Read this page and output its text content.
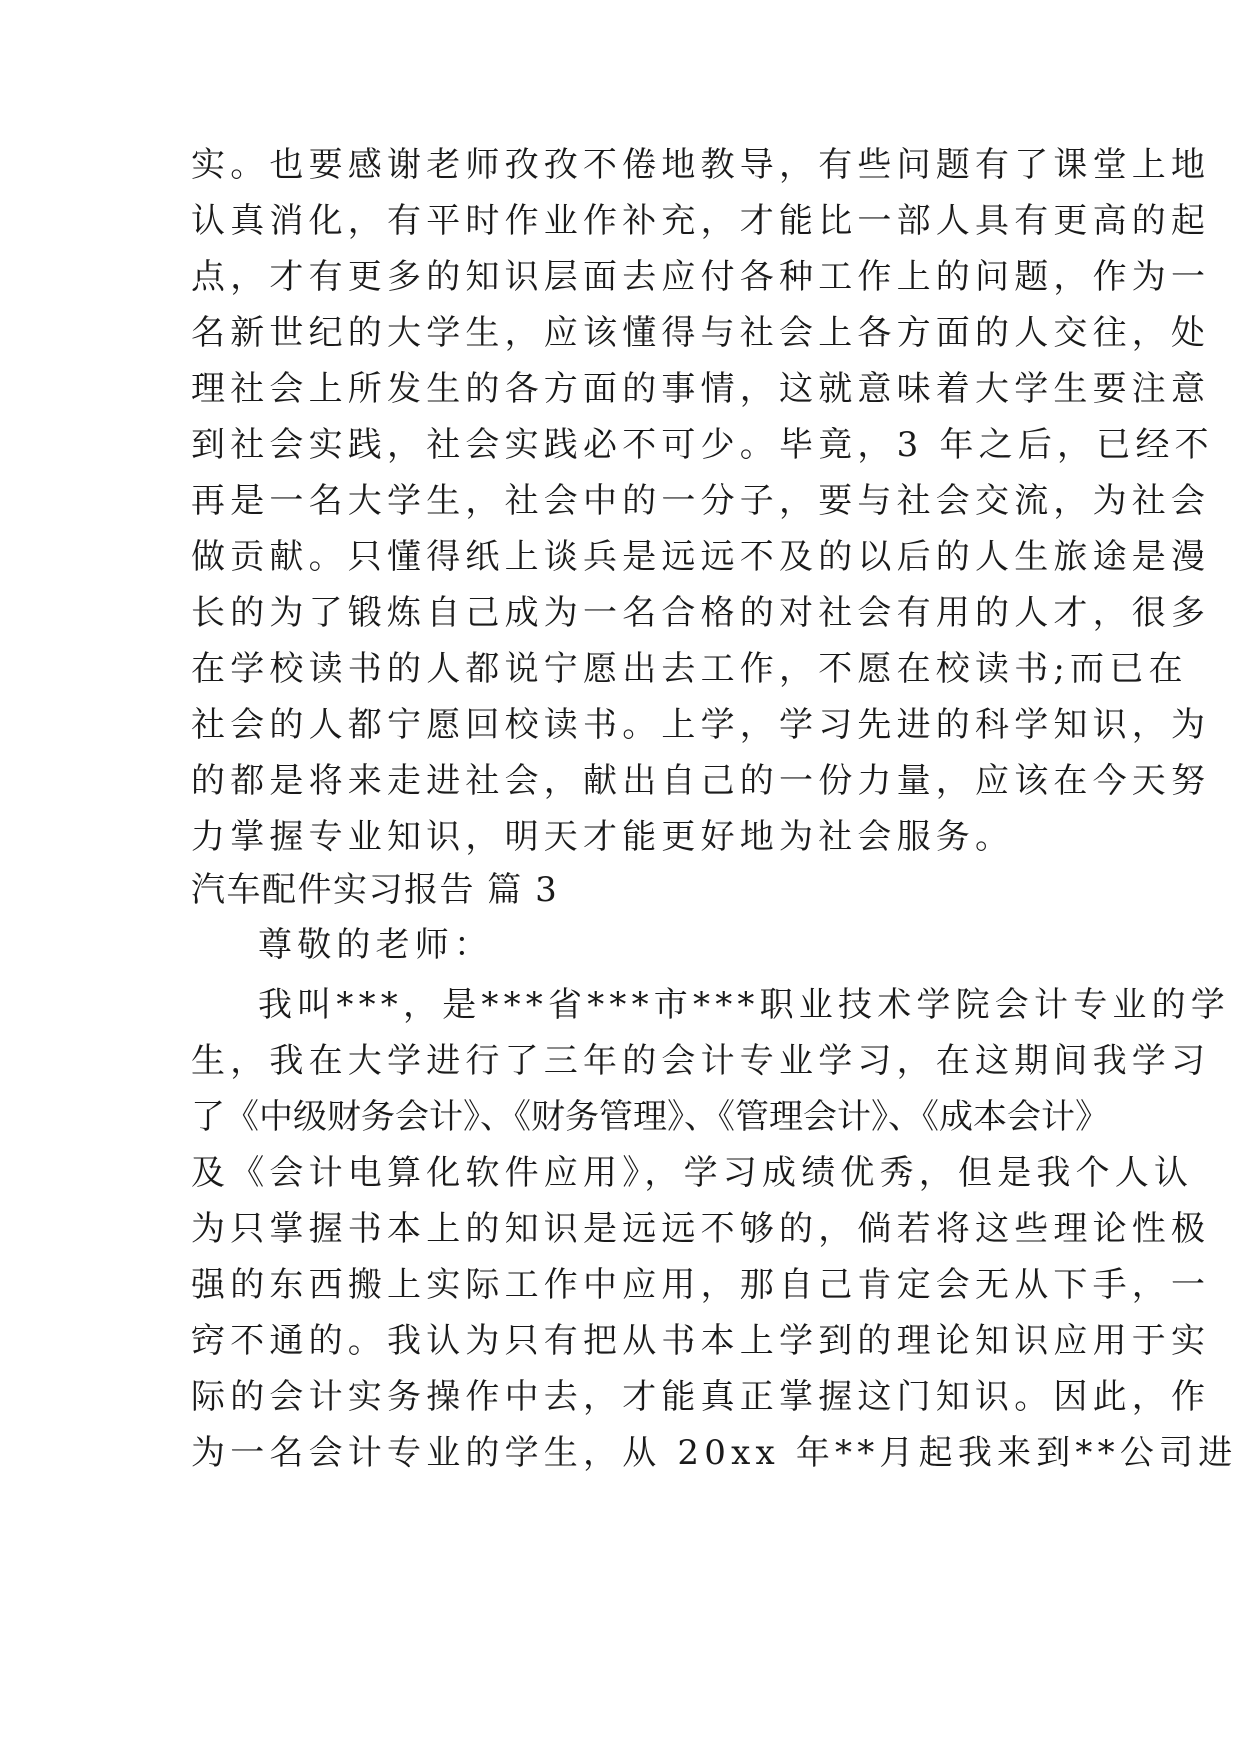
实。也要感谢老师孜孜不倦地教导，有些问题有了课堂上地
认真消化，有平时作业作补充，才能比一部人具有更高的起
点，才有更多的知识层面去应付各种工作上的问题，作为一
名新世纪的大学生，应该懂得与社会上各方面的人交往，处
理社会上所发生的各方面的事情，这就意味着大学生要注意
到社会实践，社会实践必不可少。毕竟，3 年之后，已经不
再是一名大学生，社会中的一分子，要与社会交流，为社会
做贡献。只懂得纸上谈兵是远远不及的以后的人生旅途是漫
长的为了锻炼自己成为一名合格的对社会有用的人才，很多
在学校读书的人都说宁愿出去工作，不愿在校读书;而已在
社会的人都宁愿回校读书。上学，学习先进的科学知识，为
的都是将来走进社会，献出自己的一份力量，应该在今天努
力掌握专业知识，明天才能更好地为社会服务。
汽车配件实习报告 篇 3
尊敬的老师：
我叫***，是***省***市***职业技术学院会计专业的学
生，我在大学进行了三年的会计专业学习，在这期间我学习
了《中级财务会计》、《财务管理》、《管理会计》、《成本会计》
及《会计电算化软件应用》，学习成绩优秀，但是我个人认
为只掌握书本上的知识是远远不够的，倘若将这些理论性极
强的东西搬上实际工作中应用，那自己肯定会无从下手，一
窍不通的。我认为只有把从书本上学到的理论知识应用于实
际的会计实务操作中去，才能真正掌握这门知识。因此，作
为一名会计专业的学生，从 20xx 年**月起我来到**公司进
